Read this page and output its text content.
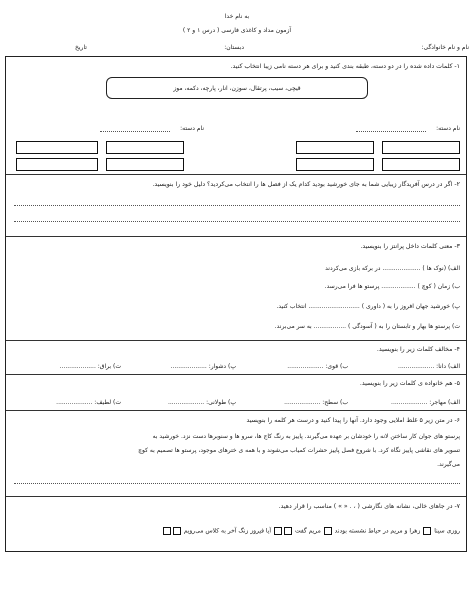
به نام خدا
آزمون مداد و کاغذی فارسی ( درس ۱ و ۲ )
نام و نام خانوادگی:
دبستان:
تاریخ
۱- کلمات داده شده را در دو دسته، طبقه بندی کنید و برای هر دسته نامی زیبا انتخاب کنید.
قیچی، سیب، پرتقال، سوزن، انار، پارچه، دکمه، موز
نام دسته:
نام دسته:
۲- اگر در درس آفریدگار زیبایی شما به جای خورشید بودید کدام یک از فصل ها را انتخاب می‌کردید؟ دلیل خود را بنویسید.
۳- معنی کلمات داخل پرانتز را بنویسید.
الف) (نوک ها ) .................... در برکه بازی می‌کردند
ب) زمان ( کوچ ) .................. پرستو ها فرا می‌رسد.
پ) خورشید جهان افروز را به ( داوری ) ........................... انتخاب کنید.
ت) پرستو ها بهار و تابستان را به ( آسودگی ) ................. به سر می‌برند.
۴- مخالف کلمات زیر را بنویسید.
الف) دانا: ...................
ب) قوی: ...................
پ) دشوار: ...................
ت) براق: ...................
۵- هم خانواده ی کلمات زیر را بنویسید.
الف) مهاجر: ...................
ب) سطح: ...................
پ) طولانی: ...................
ت) لطیف: ...................
۶- در متن زیر ۵ غلط املایی وجود دارد. آنها را پیدا کنید و درست هر کلمه را بنویسید
پرستو های جوان کار ساختن لانه را خودشان بر عهده می‌گیرند. پاییز به رنگ کاج ها، سرو ها و سنوبرها دست نزد. خورشید به
تسویر های نقاشی پاییز نگاه کرد. با شروع فصل پاییز حشرات کمیاب می‌شوند و با همه ی خترهای موجود، پرستو ها تصمیم به کوچ
می‌گیرند.
۷- در جاهای خالی، نشانه های نگارشی ( ، . « » ) مناسب را قرار دهید.
روزی سینا  زهرا و مریم در حیاط نشسته بودند  مریم گفت  آیا فیروز زنگ آخر به کلاس می‌رویم
